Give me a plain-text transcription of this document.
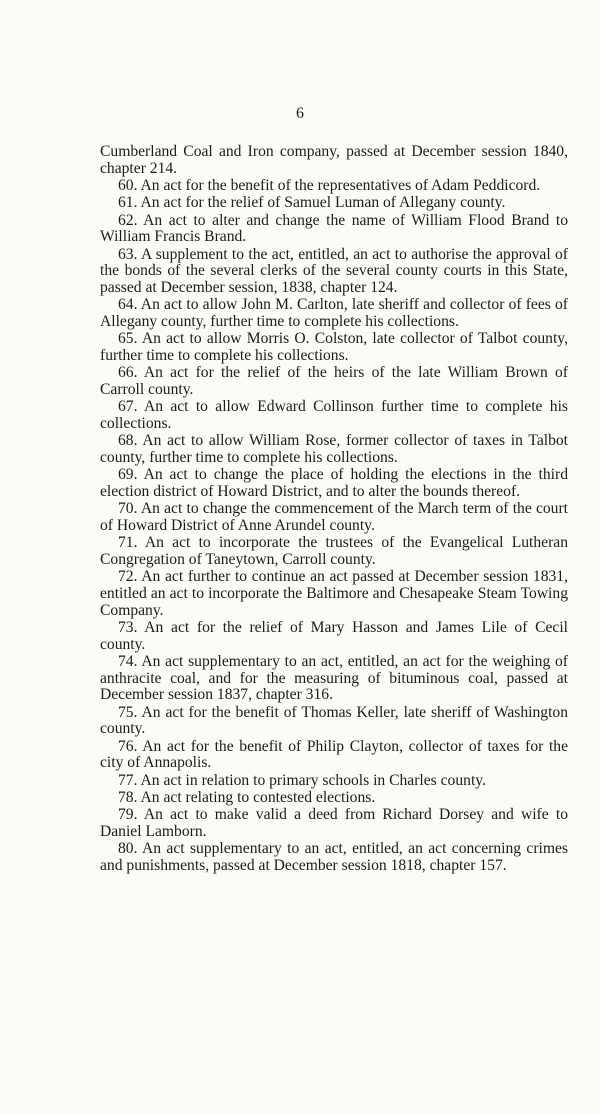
6

Cumberland Coal and Iron company, passed at December session 1840, chapter 214.

60. An act for the benefit of the representatives of Adam Peddicord.

61. An act for the relief of Samuel Luman of Allegany county.

62. An act to alter and change the name of William Flood Brand to William Francis Brand.

63. A supplement to the act, entitled, an act to authorise the approval of the bonds of the several clerks of the several county courts in this State, passed at December session, 1838, chapter 124.

64. An act to allow John M. Carlton, late sheriff and collector of fees of Allegany county, further time to complete his collections.

65. An act to allow Morris O. Colston, late collector of Talbot county, further time to complete his collections.

66. An act for the relief of the heirs of the late William Brown of Carroll county.

67. An act to allow Edward Collinson further time to complete his collections.

68. An act to allow William Rose, former collector of taxes in Talbot county, further time to complete his collections.

69. An act to change the place of holding the elections in the third election district of Howard District, and to alter the bounds thereof.

70. An act to change the commencement of the March term of the court of Howard District of Anne Arundel county.

71. An act to incorporate the trustees of the Evangelical Lutheran Congregation of Taneytown, Carroll county.

72. An act further to continue an act passed at December session 1831, entitled an act to incorporate the Baltimore and Chesapeake Steam Towing Company.

73. An act for the relief of Mary Hasson and James Lile of Cecil county.

74. An act supplementary to an act, entitled, an act for the weighing of anthracite coal, and for the measuring of bituminous coal, passed at December session 1837, chapter 316.

75. An act for the benefit of Thomas Keller, late sheriff of Washington county.

76. An act for the benefit of Philip Clayton, collector of taxes for the city of Annapolis.

77. An act in relation to primary schools in Charles county.

78. An act relating to contested elections.

79. An act to make valid a deed from Richard Dorsey and wife to Daniel Lamborn.

80. An act supplementary to an act, entitled, an act concerning crimes and punishments, passed at December session 1818, chapter 157.
